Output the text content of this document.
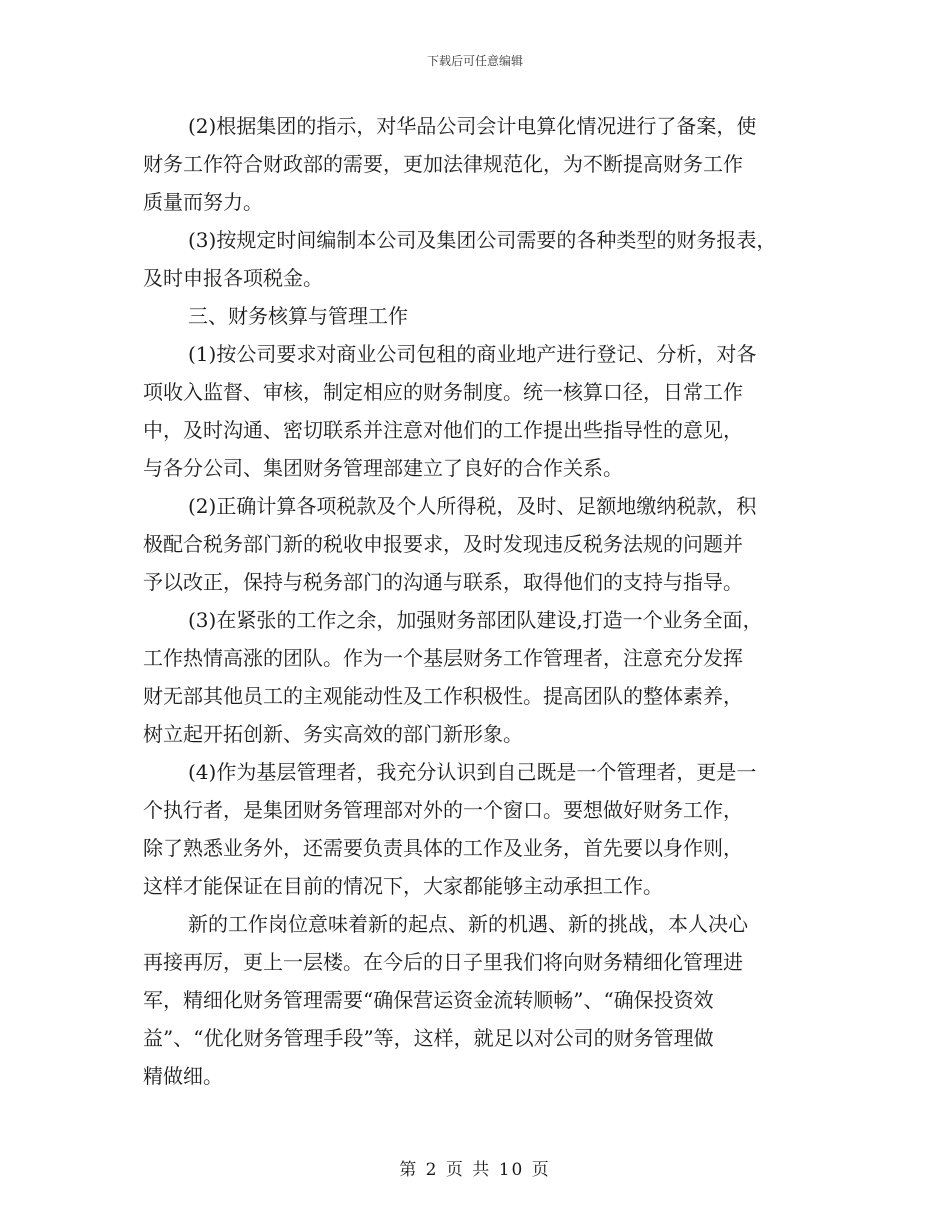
下载后可任意编辑
(2)根据集团的指示，对华品公司会计电算化情况进行了备案，使
财务工作符合财政部的需要，更加法律规范化，为不断提高财务工作
质量而努力。
(3)按规定时间编制本公司及集团公司需要的各种类型的财务报表，
及时申报各项税金。
三、财务核算与管理工作
(1)按公司要求对商业公司包租的商业地产进行登记、分析，对各
项收入监督、审核，制定相应的财务制度。统一核算口径，日常工作
中，及时沟通、密切联系并注意对他们的工作提出些指导性的意见，
与各分公司、集团财务管理部建立了良好的合作关系。
(2)正确计算各项税款及个人所得税，及时、足额地缴纳税款，积
极配合税务部门新的税收申报要求，及时发现违反税务法规的问题并
予以改正，保持与税务部门的沟通与联系，取得他们的支持与指导。
(3)在紧张的工作之余，加强财务部团队建设,打造一个业务全面，
工作热情高涨的团队。作为一个基层财务工作管理者，注意充分发挥
财无部其他员工的主观能动性及工作积极性。提高团队的整体素养，
树立起开拓创新、务实高效的部门新形象。
(4)作为基层管理者，我充分认识到自己既是一个管理者，更是一
个执行者，是集团财务管理部对外的一个窗口。要想做好财务工作，
除了熟悉业务外，还需要负责具体的工作及业务，首先要以身作则，
这样才能保证在目前的情况下，大家都能够主动承担工作。
新的工作岗位意味着新的起点、新的机遇、新的挑战，本人决心
再接再厉，更上一层楼。在今后的日子里我们将向财务精细化管理进
军，精细化财务管理需要“确保营运资金流转顺畅”、“确保投资效
益”、“优化财务管理手段”等，这样，就足以对公司的财务管理做
精做细。
第 2 页 共 10 页
